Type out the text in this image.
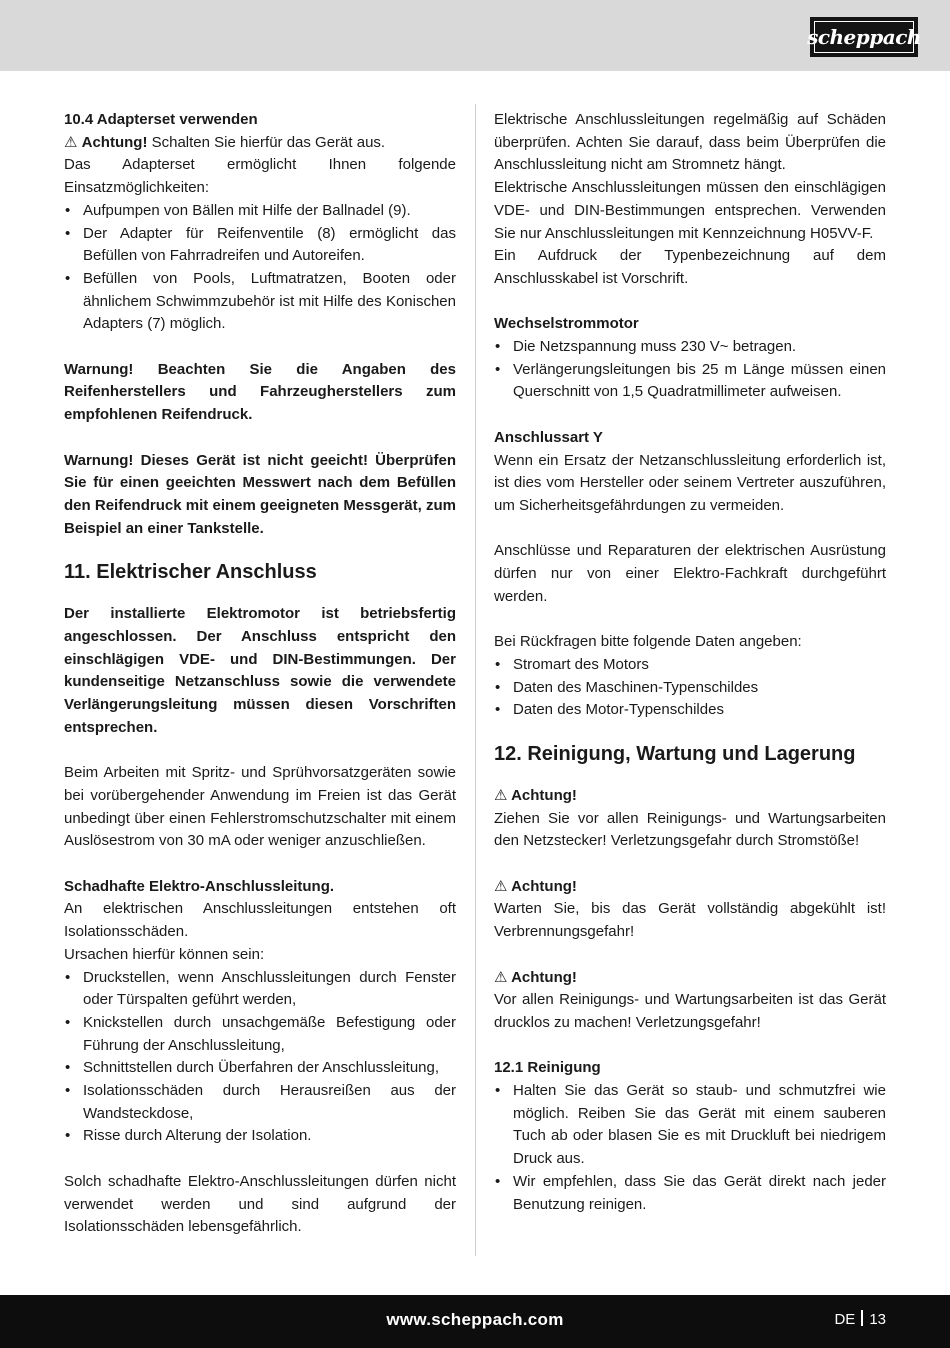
scheppach

10.4 Adapterset verwenden

⚠ Achtung! Schalten Sie hierfür das Gerät aus.

Das Adapterset ermöglicht Ihnen folgende Einsatzmöglichkeiten:

• Aufpumpen von Bällen mit Hilfe der Ballnadel (9).
• Der Adapter für Reifenventile (8) ermöglicht das Befüllen von Fahrradreifen und Autoreifen.
• Befüllen von Pools, Luftmatratzen, Booten oder ähnlichem Schwimmzubehör ist mit Hilfe des Konischen Adapters (7) möglich.

Warnung! Beachten Sie die Angaben des Reifenherstellers und Fahrzeugherstellers zum empfohlenen Reifendruck.

Warnung! Dieses Gerät ist nicht geeicht! Überprüfen Sie für einen geeichten Messwert nach dem Befüllen den Reifendruck mit einem geeigneten Messgerät, zum Beispiel an einer Tankstelle.

11. Elektrischer Anschluss

Der installierte Elektromotor ist betriebsfertig angeschlossen. Der Anschluss entspricht den einschlägigen VDE- und DIN-Bestimmungen. Der kundenseitige Netzanschluss sowie die verwendete Verlängerungsleitung müssen diesen Vorschriften entsprechen.

Beim Arbeiten mit Spritz- und Sprühvorsatzgeräten sowie bei vorübergehender Anwendung im Freien ist das Gerät unbedingt über einen Fehlerstromschutzschalter mit einem Auslösestrom von 30 mA oder weniger anzuschließen.

Schadhafte Elektro-Anschlussleitung.

An elektrischen Anschlussleitungen entstehen oft Isolationsschäden.

Ursachen hierfür können sein:

• Druckstellen, wenn Anschlussleitungen durch Fenster oder Türspalten geführt werden,
• Knickstellen durch unsachgemäße Befestigung oder Führung der Anschlussleitung,
• Schnittstellen durch Überfahren der Anschlussleitung,
• Isolationsschäden durch Herausreißen aus der Wandsteckdose,
• Risse durch Alterung der Isolation.

Solch schadhafte Elektro-Anschlussleitungen dürfen nicht verwendet werden und sind aufgrund der Isolationsschäden lebensgefährlich.

Elektrische Anschlussleitungen regelmäßig auf Schäden überprüfen. Achten Sie darauf, dass beim Überprüfen die Anschlussleitung nicht am Stromnetz hängt.

Elektrische Anschlussleitungen müssen den einschlägigen VDE- und DIN-Bestimmungen entsprechen. Verwenden Sie nur Anschlussleitungen mit Kennzeichnung H05VV-F.

Ein Aufdruck der Typenbezeichnung auf dem Anschlusskabel ist Vorschrift.

Wechselstrommotor

• Die Netzspannung muss 230 V~ betragen.
• Verlängerungsleitungen bis 25 m Länge müssen einen Querschnitt von 1,5 Quadratmillimeter aufweisen.

Anschlussart Y

Wenn ein Ersatz der Netzanschlussleitung erforderlich ist, ist dies vom Hersteller oder seinem Vertreter auszuführen, um Sicherheitsgefährdungen zu vermeiden.

Anschlüsse und Reparaturen der elektrischen Ausrüstung dürfen nur von einer Elektro-Fachkraft durchgeführt werden.

Bei Rückfragen bitte folgende Daten angeben:

• Stromart des Motors
• Daten des Maschinen-Typenschildes
• Daten des Motor-Typenschildes
12. Reinigung, Wartung und Lagerung

⚠ Achtung!

Ziehen Sie vor allen Reinigungs- und Wartungsarbeiten den Netzstecker! Verletzungsgefahr durch Stromstöße!

⚠ Achtung!

Warten Sie, bis das Gerät vollständig abgekühlt ist! Verbrennungsgefahr!

⚠ Achtung!

Vor allen Reinigungs- und Wartungsarbeiten ist das Gerät drucklos zu machen! Verletzungsgefahr!

12.1 Reinigung

• Halten Sie das Gerät so staub- und schmutzfrei wie möglich. Reiben Sie das Gerät mit einem sauberen Tuch ab oder blasen Sie es mit Druckluft bei niedrigem Druck aus.
• Wir empfehlen, dass Sie das Gerät direkt nach jeder Benutzung reinigen.
www.scheppach.com	DE 13
